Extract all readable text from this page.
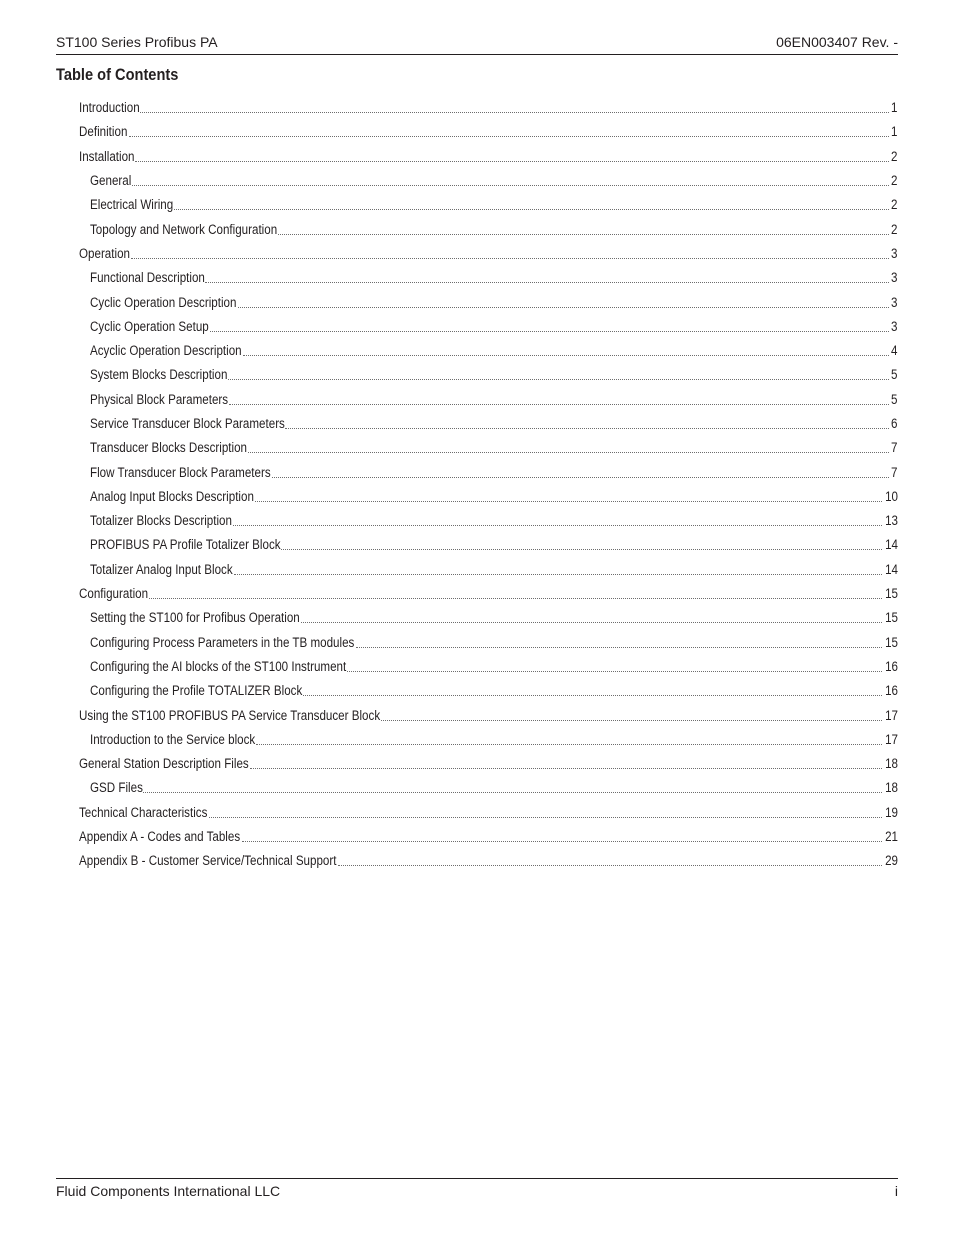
ST100 Series Profibus PA	06EN003407 Rev. -
Table of Contents
Introduction	1
Definition	1
Installation	2
General	2
Electrical Wiring	2
Topology and Network Configuration	2
Operation	3
Functional Description	3
Cyclic Operation Description	3
Cyclic Operation Setup	3
Acyclic Operation Description	4
System Blocks Description	5
Physical Block Parameters	5
Service Transducer Block Parameters	6
Transducer Blocks Description	7
Flow Transducer Block Parameters	7
Analog Input Blocks Description	10
Totalizer Blocks Description	13
PROFIBUS PA Profile Totalizer Block	14
Totalizer Analog Input Block	14
Configuration	15
Setting the ST100 for Profibus Operation	15
Configuring Process Parameters in the TB modules	15
Configuring the AI blocks of the ST100 Instrument	16
Configuring the Profile TOTALIZER Block	16
Using the ST100 PROFIBUS PA Service Transducer Block	17
Introduction to the Service block	17
General Station Description Files	18
GSD Files	18
Technical Characteristics	19
Appendix A - Codes and Tables	21
Appendix B - Customer Service/Technical Support	29
Fluid Components International LLC	i
